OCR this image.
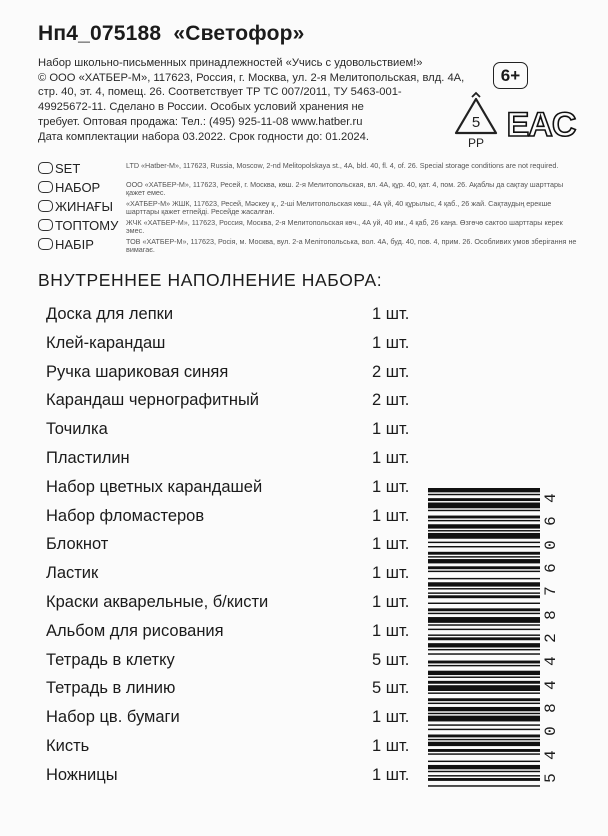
Нп4_075188  «Светофор»
Набор школьно-письменных принадлежностей «Учись с удовольствием!»
© ООО «ХАТБЕР-М», 117623, Россия, г. Москва, ул. 2-я Мелитопольская, влд. 4А,
стр. 40, эт. 4, помещ. 26. Соответствует ТР ТС 007/2011, ТУ 5463-001-
49925672-11. Сделано в России. Особых условий хранения не
требует. Оптовая продажа: Тел.: (495) 925-11-08 www.hatber.ru
Дата комплектации набора 03.2022. Срок годности до: 01.2024.
6+
5
PP EAC
SET	LTD «Hatber-M», 117623, Russia, Moscow, 2-nd Melitopolskaya st., 4A, bld. 40, fl. 4, of. 26. Special storage conditions are not required.
НАБОР	ООО «ХАТБЕР-М», 117623, Ресей, г. Москва, көш. 2-я Мелитопольская, вл. 4А, құр. 40, қат. 4, пом. 26. Ақаблы да сақтау шарттары қажет емес.
ЖИНАҒЫ	«ХАТБЕР-М» ЖШК, 117623, Ресей, Мәскеу қ., 2-ші Мелитопольская көш., 4А үй, 40 құрылыс, 4 қаб., 26 жай. Сақтаудың ерекше шарттары қажет етпейді. Ресейде жасалған.
ТОПТОМУ ЖЧК «ХАТБЕР-М», 117623, Россия, Москва, 2-я Мелитопольская көч., 4А уй, 40 им., 4 қаб, 26 каңа. Өзгөчө сактоо шарттары керек эмес.
НАБІР	ТОВ «ХАТБЕР-М», 117623, Росія, м. Москва, вул. 2-а Мелітопольська, вол. 4А, буд. 40, пов. 4, прим. 26. Особливих умов зберігання не вимагає.
ВНУТРЕННЕЕ НАПОЛНЕНИЕ НАБОРА:
Доска для лепки	1 шт.
Клей-карандаш	1 шт.
Ручка шариковая синяя	2 шт.
Карандаш чернографитный	2 шт.
Точилка	1 шт.
Пластилин	1 шт.
Набор цветных карандашей	1 шт.
Набор фломастеров	1 шт.
Блокнот	1 шт.
Ластик	1 шт.
Краски акварельные, б/кисти	1 шт.
Альбом для рисования	1 шт.
Тетрадь в клетку	5 шт.
Тетрадь в линию	5 шт.
Набор цв. бумаги	1 шт.
Кисть	1 шт.
Ножницы	1 шт.
4
6
0
6
7
8
2
4
4
8
0
4
5
